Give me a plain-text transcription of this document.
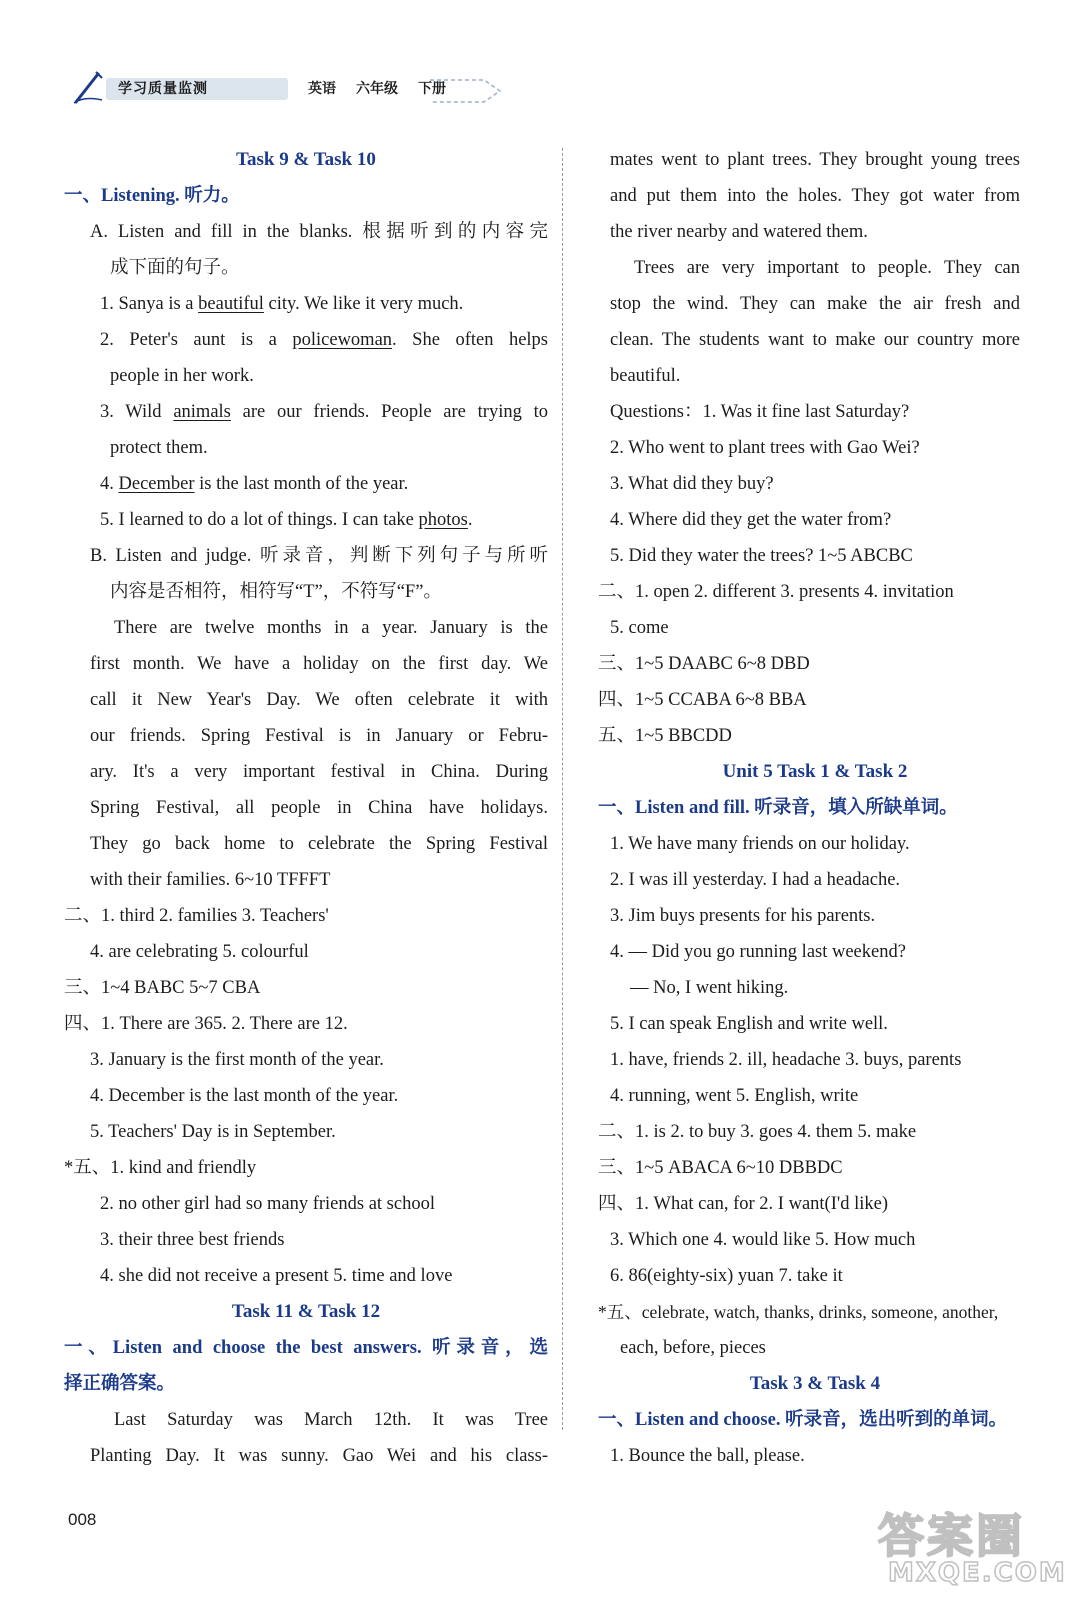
学习质量监测	英语 六年级 下册
Task 9 & Task 10
一、Listening. 听力。
A. Listen and fill in the blanks. 根据听到的内容完
成下面的句子。
1. Sanya is a beautiful city. We like it very much.
2. Peter's aunt is a policewoman. She often helps
people in her work.
3. Wild animals are our friends. People are trying to
protect them.
4. December is the last month of the year.
5. I learned to do a lot of things. I can take photos.
B. Listen and judge. 听录音，判断下列句子与所听
内容是否相符，相符写“T”，不符写“F”。
There are twelve months in a year. January is the
first month. We have a holiday on the first day. We
call it New Year's Day. We often celebrate it with
our friends. Spring Festival is in January or Febru-
ary. It's a very important festival in China. During
Spring Festival, all people in China have holidays.
They go back home to celebrate the Spring Festival
with their families. 6~10 TFFFT
二、1. third 2. families 3. Teachers'
4. are celebrating 5. colourful
三、1~4 BABC 5~7 CBA
四、1. There are 365. 2. There are 12.
3. January is the first month of the year.
4. December is the last month of the year.
5. Teachers' Day is in September.
*五、1. kind and friendly
2. no other girl had so many friends at school
3. their three best friends
4. she did not receive a present 5. time and love
Task 11 & Task 12
一、Listen and choose the best answers. 听录音，选
择正确答案。
Last Saturday was March 12th. It was Tree
Planting Day. It was sunny. Gao Wei and his class-
mates went to plant trees. They brought young trees
and put them into the holes. They got water from
the river nearby and watered them.
Trees are very important to people. They can
stop the wind. They can make the air fresh and
clean. The students want to make our country more
beautiful.
Questions：1. Was it fine last Saturday?
2. Who went to plant trees with Gao Wei?
3. What did they buy?
4. Where did they get the water from?
5. Did they water the trees? 1~5 ABCBC
二、1. open 2. different 3. presents 4. invitation
5. come
三、1~5 DAABC 6~8 DBD
四、1~5 CCABA 6~8 BBA
五、1~5 BBCDD
Unit 5 Task 1 & Task 2
一、Listen and fill. 听录音，填入所缺单词。
1. We have many friends on our holiday.
2. I was ill yesterday. I had a headache.
3. Jim buys presents for his parents.
4. — Did you go running last weekend?
— No, I went hiking.
5. I can speak English and write well.
1. have, friends 2. ill, headache 3. buys, parents
4. running, went 5. English, write
二、1. is 2. to buy 3. goes 4. them 5. make
三、1~5 ABACA 6~10 DBBDC
四、1. What can, for 2. I want(I'd like)
3. Which one 4. would like 5. How much
6. 86(eighty-six) yuan 7. take it
*五、celebrate, watch, thanks, drinks, someone, another,
each, before, pieces
Task 3 & Task 4
一、Listen and choose. 听录音，选出听到的单词。
1. Bounce the ball, please.
008	答案圈
MXQE.COM
